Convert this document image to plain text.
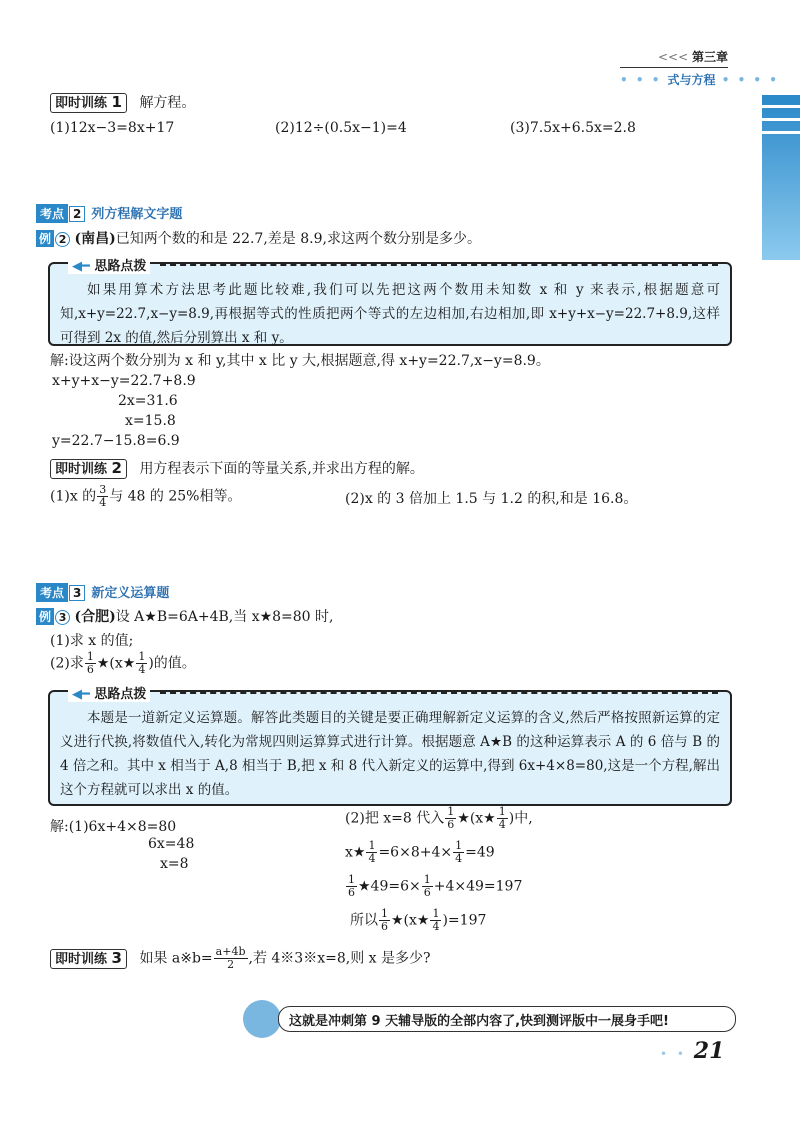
<<< 第三章
• • • 式与方程 • • • •
即时训练 1 解方程。
(1)12x−3=8x+17	(2)12÷(0.5x−1)=4	(3)7.5x+6.5x=2.8
考点 2 列方程解文字题
例 2 (南昌)已知两个数的和是 22.7,差是 8.9,求这两个数分别是多少。
◀━ 思路点拨
如果用算术方法思考此题比较难,我们可以先把这两个数用未知数 x 和 y 来表示,根据题意可知,x+y=22.7,x−y=8.9,再根据等式的性质把两个等式的左边相加,右边相加,即 x+y+x−y=22.7+8.9,这样可得到 2x 的值,然后分别算出 x 和 y。
解:设这两个数分别为 x 和 y,其中 x 比 y 大,根据题意,得 x+y=22.7,x−y=8.9。
x+y+x−y=22.7+8.9
2x=31.6
x=15.8
y=22.7−15.8=6.9
即时训练 2 用方程表示下面的等量关系,并求出方程的解。
(1)x 的 $\frac{3}{4}$ 与 48 的 25%相等。	(2)x 的 3 倍加上 1.5 与 1.2 的积,和是 16.8。
考点 3 新定义运算题
例 3 (合肥)设 A★B=6A+4B,当 x★8=80 时,
(1)求 x 的值;
(2)求 $\frac{1}{6}$ ★(x★ $\frac{1}{4}$ )的值。
◀━ 思路点拨
本题是一道新定义运算题。解答此类题目的关键是要正确理解新定义运算的含义,然后严格按照新运算的定义进行代换,将数值代入,转化为常规四则运算算式进行计算。根据题意 A★B 的这种运算表示 A 的 6 倍与 B 的 4 倍之和。其中 x 相当于 A,8 相当于 B,把 x 和 8 代入新定义的运算中,得到 6x+4×8=80,这是一个方程,解出这个方程就可以求出 x 的值。
解:(1)6x+4×8=80
6x=48
x=8
(2)把 x=8 代入 $\frac{1}{6}$ ★(x★ $\frac{1}{4}$ )中,
x★ $\frac{1}{4} =6\times 8+4\times \frac{1}{4} =49$
$\frac{1}{6}$ ★49=6× $\frac{1}{6} +4\times 49=197$
所以 $\frac{1}{6}$ ★(x★ $\frac{1}{4} )=197$
即时训练 3 如果 a※b= $\frac{a+4b}{2}$ ,若 4※3※x=8,则 x 是多少?
这就是冲刺第 9 天辅导版的全部内容了,快到测评版中一展身手吧!
• • 21
